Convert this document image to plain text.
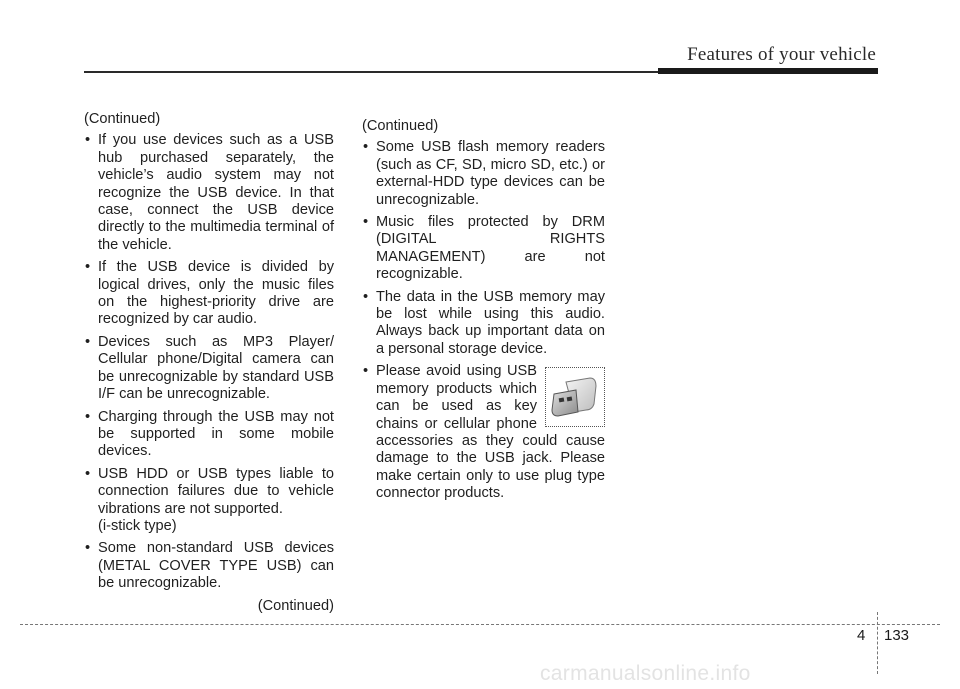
Features of your vehicle
(Continued)
• If you use devices such as a USB hub purchased separately, the vehicle’s audio system may not recognize the USB device. In that case, connect the USB device directly to the multimedia terminal of the vehicle.
• If the USB device is divided by logical drives, only the music files on the highest-priority drive are recognized by car audio.
• Devices such as MP3 Player/ Cellular phone/Digital camera can be unrecognizable by standard USB I/F can be unrecognizable.
• Charging through the USB may not be supported in some mobile devices.
• USB HDD or USB types liable to connection failures due to vehicle vibrations are not supported.
(i-stick type)
• Some non-standard USB devices (METAL COVER TYPE USB) can be unrecognizable.
(Continued)
(Continued)
• Some USB flash memory readers (such as CF, SD, micro SD, etc.) or external-HDD type devices can be unrecognizable.
• Music files protected by DRM (DIGITAL RIGHTS MANAGEMENT) are not recognizable.
• The data in the USB memory may be lost while using this audio. Always back up important data on a personal storage device.
• Please avoid using USB memory products which can be used as key chains or cellular phone accessories as they could cause damage to the USB jack. Please make certain only to use plug type connector products.
4 133
carmanualsonline.info
